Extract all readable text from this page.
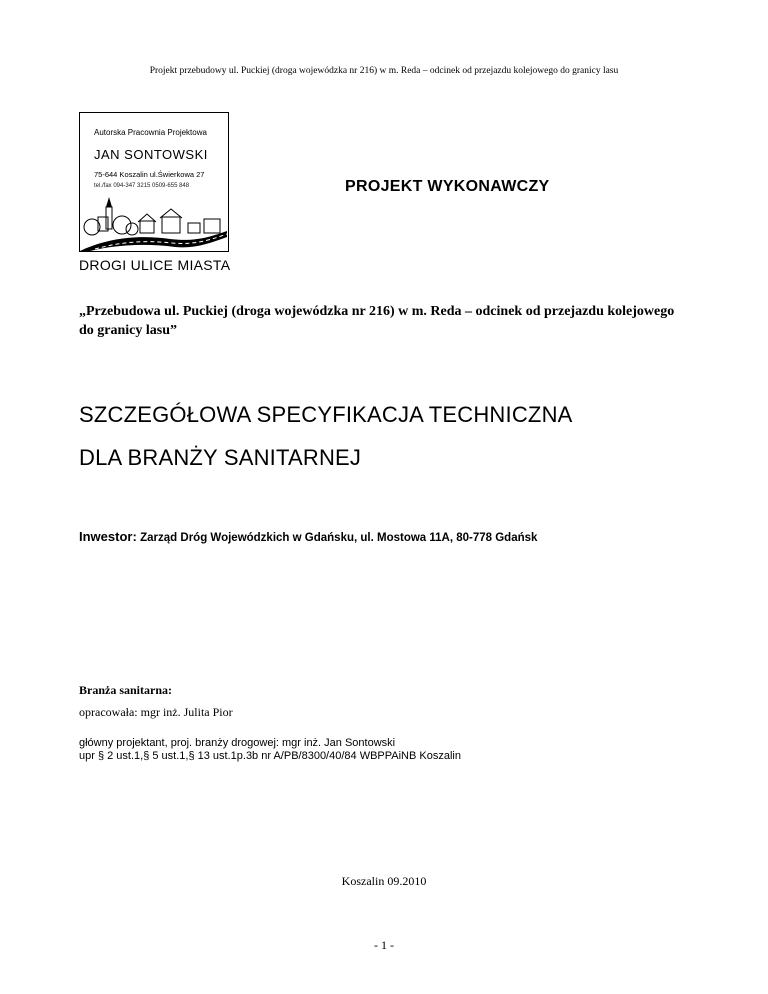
Projekt przebudowy ul. Puckiej (droga wojewódzka nr 216) w m. Reda – odcinek od przejazdu kolejowego do granicy lasu
Autorska Pracownia Projektowa
JAN SONTOWSKI
75-644 Koszalin ul.Świerkowa 27
tel./fax 094-347 3215 0509-655 848
DROGI ULICE MIASTA
PROJEKT WYKONAWCZY
„Przebudowa ul. Puckiej (droga wojewódzka nr 216) w m. Reda – odcinek od przejazdu kolejowego do granicy lasu”
SZCZEGÓŁOWA SPECYFIKACJA TECHNICZNA
DLA BRANŻY SANITARNEJ
Inwestor: Zarząd Dróg Wojewódzkich w Gdańsku, ul. Mostowa 11A, 80-778 Gdańsk
Branża sanitarna:
opracowała: mgr inż. Julita Pior
główny projektant, proj. branży drogowej: mgr inż. Jan Sontowski
upr § 2 ust.1,§ 5 ust.1,§ 13 ust.1p.3b nr A/PB/8300/40/84 WBPPAiNB Koszalin
Koszalin 09.2010
- 1 -
